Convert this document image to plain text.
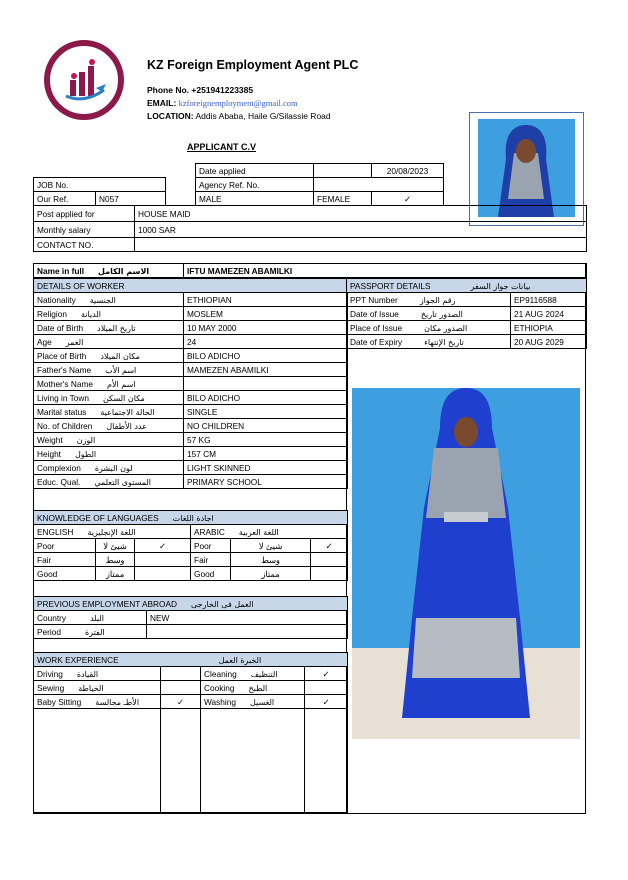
KZ Foreign Employment Agent PLC
Phone No. +251941223385
EMAIL: kzforeignemployment@gmail.com
LOCATION: Addis Ababa, Haile G/Silassie Road
APPLICANT C.V
			Date applied		20/08/2023
JOB No.			Agency Ref. No.		
Our Ref.	N057		MALE	FEMALE	✓
Post applied for	HOUSE MAID
Monthly salary	1000 SAR
CONTACT NO.	
Name in full الاسم الكامل	IFTU MAMEZEN ABAMILKI
DETAILS OF WORKER	
Nationality الجنسية	ETHIOPIAN
Religion الديانة	MOSLEM
Date of Birth تاريخ الميلاد	10 MAY 2000
Age العمر	24
Place of Birth مكان الميلاد	BILO ADICHO
Father's Name اسم الأب	MAMEZEN ABAMILKI
Mother's Name اسم الأم	
Living in Town مكان السكن	BILO ADICHO
Marital status الحالة الاجتماعية	SINGLE
No. of Children عدد الأطفال	NO CHILDREN
Weight الوزن	57 KG
Height الطول	157 CM
Complexion لون البشرة	LIGHT SKINNED
Educ. Qual. المستوى التعلمي	PRIMARY SCHOOL
PASSPORT DETAILS بيانات جواز السفر	
PPT Number رقم الجواز	EP9116588
Date of Issue الصدور تاريخ	21 AUG 2024
Place of Issue الصدور مكان	ETHIOPIA
Date of Expiry تاريخ الإنتهاء	20 AUG 2029
KNOWLEDGE OF LANGUAGES اجادة اللغات					
ENGLISH اللغة الإنجليزية			ARABIC اللغة العربية		
Poor	شيئ لا	✓	Poor	شيئ لا	✓
Fair	وسط		Fair	وسط	
Good	ممتاز		Good	ممتاز	
PREVIOUS EMPLOYMENT ABROAD العمل فى الخارجى	
Country البلد	NEW
Period الفترة	
WORK EXPERIENCE الخبرة العمل			
Driving القيادة		Cleaning التنظيف	✓
Sewing الخياطة		Cooking الطبخ	
Baby Sitting الأطـ مجالسة	✓	Washing الغسيل	✓
